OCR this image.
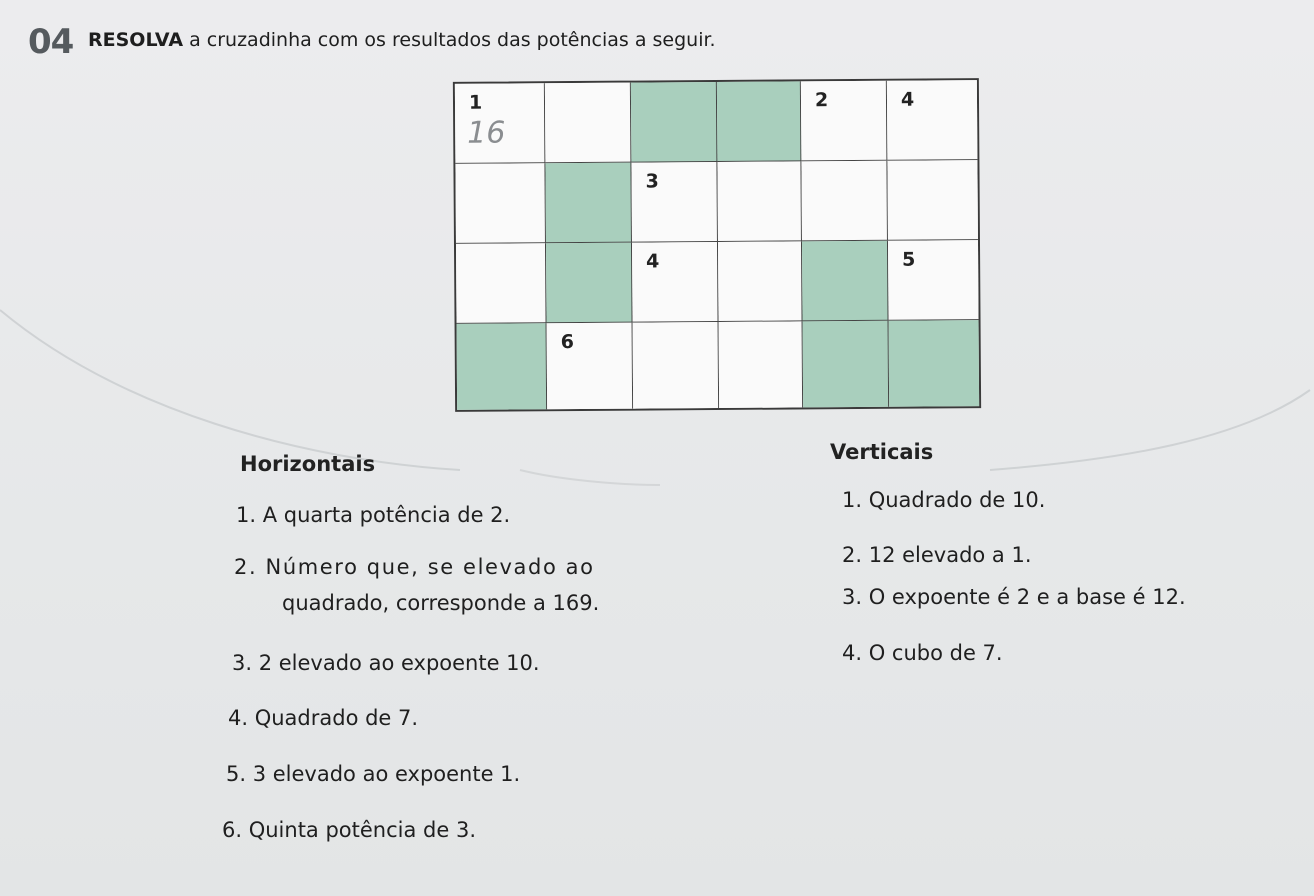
04 RESOLVA a cruzadinha com os resultados das potências a seguir.
1
16
2	4
3
4	5
6
Horizontais	Verticais
1. A quarta potência de 2.
2. Número que, se elevado ao
quadrado, corresponde a 169.
3. 2 elevado ao expoente 10.
4. Quadrado de 7.
5. 3 elevado ao expoente 1.
6. Quinta potência de 3.
1. Quadrado de 10.
2. 12 elevado a 1.
3. O expoente é 2 e a base é 12.
4. O cubo de 7.
